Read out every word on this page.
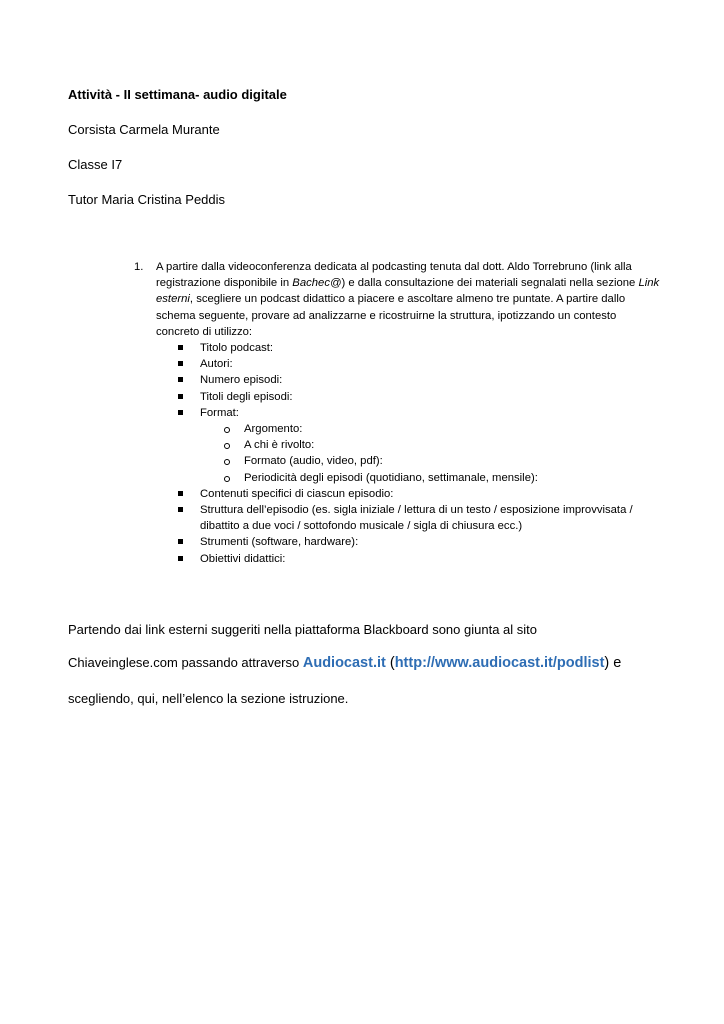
Attività - II settimana- audio digitale

Corsista Carmela Murante

Classe I7

Tutor Maria Cristina Peddis

1. A partire dalla videoconferenza dedicata al podcasting tenuta dal dott. Aldo Torrebruno (link alla registrazione disponibile in Bachec@) e dalla consultazione dei materiali segnalati nella sezione Link esterni, scegliere un podcast didattico a piacere e ascoltare almeno tre puntate. A partire dallo schema seguente, provare ad analizzarne e ricostruirne la struttura, ipotizzando un contesto concreto di utilizzo:
Titolo podcast:
Autori:
Numero episodi:
Titoli degli episodi:
Format:
Argomento:
A chi è rivolto:
Formato (audio, video, pdf):
Periodicità degli episodi (quotidiano, settimanale, mensile):
Contenuti specifici di ciascun episodio:
Struttura dell’episodio (es. sigla iniziale / lettura di un testo / esposizione improvvisata / dibattito a due voci / sottofondo musicale / sigla di chiusura ecc.)
Strumenti (software, hardware):
Obiettivi didattici:

Partendo dai link esterni suggeriti nella piattaforma Blackboard sono giunta al sito

Chiaveinglese.com passando attraverso Audiocast.it (http://www.audiocast.it/podlist) e

scegliendo, qui, nell’elenco la sezione istruzione.
